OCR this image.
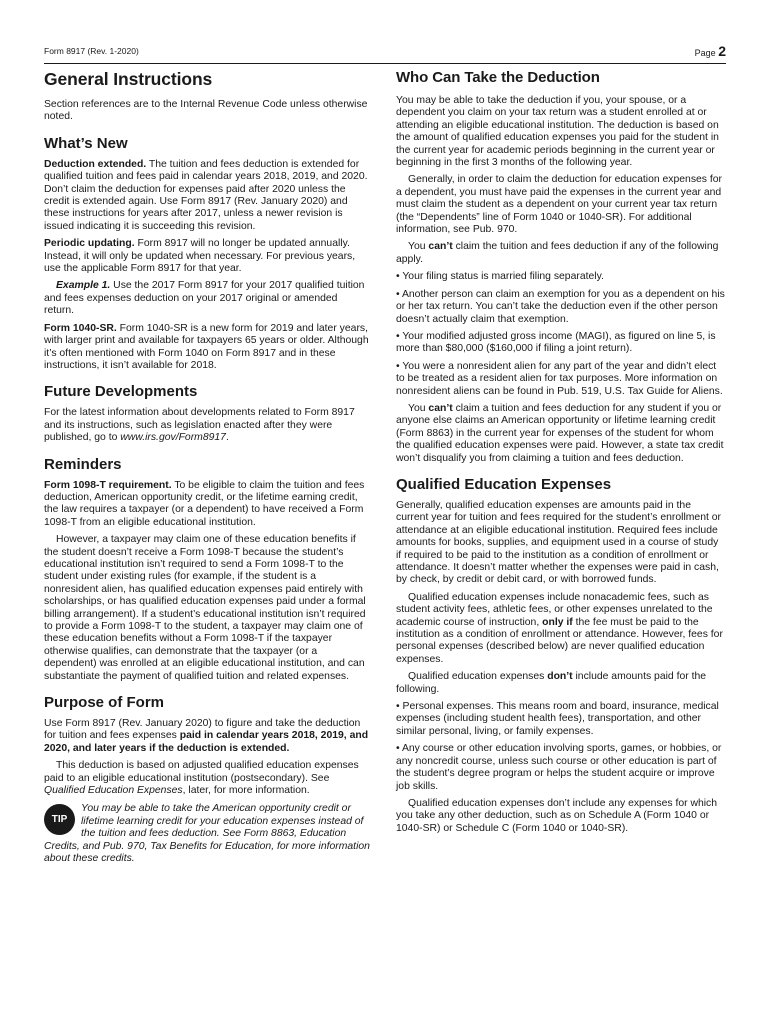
Form 8917 (Rev. 1-2020)	Page 2
General Instructions

Section references are to the Internal Revenue Code unless otherwise noted.

What’s New

Deduction extended. The tuition and fees deduction is extended for qualified tuition and fees paid in calendar years 2018, 2019, and 2020. Don’t claim the deduction for expenses paid after 2020 unless the credit is extended again. Use Form 8917 (Rev. January 2020) and these instructions for years after 2017, unless a newer revision is issued indicating it is succeeding this revision.

Periodic updating. Form 8917 will no longer be updated annually. Instead, it will only be updated when necessary. For previous years, use the applicable Form 8917 for that year.

Example 1. Use the 2017 Form 8917 for your 2017 qualified tuition and fees expenses deduction on your 2017 original or amended return.

Form 1040-SR. Form 1040-SR is a new form for 2019 and later years, with larger print and available for taxpayers 65 years or older. Although it’s often mentioned with Form 1040 on Form 8917 and in these instructions, it isn’t available for 2018.

Future Developments

For the latest information about developments related to Form 8917 and its instructions, such as legislation enacted after they were published, go to www.irs.gov/Form8917.

Reminders

Form 1098-T requirement. To be eligible to claim the tuition and fees deduction, American opportunity credit, or the lifetime earning credit, the law requires a taxpayer (or a dependent) to have received a Form 1098-T from an eligible educational institution.

However, a taxpayer may claim one of these education benefits if the student doesn’t receive a Form 1098-T because the student’s educational institution isn’t required to send a Form 1098-T to the student under existing rules (for example, if the student is a nonresident alien, has qualified education expenses paid entirely with scholarships, or has qualified education expenses paid under a formal billing arrangement). If a student’s educational institution isn’t required to provide a Form 1098-T to the student, a taxpayer may claim one of these education benefits without a Form 1098-T if the taxpayer otherwise qualifies, can demonstrate that the taxpayer (or a dependent) was enrolled at an eligible educational institution, and can substantiate the payment of qualified tuition and related expenses.

Purpose of Form

Use Form 8917 (Rev. January 2020) to figure and take the deduction for tuition and fees expenses paid in calendar years 2018, 2019, and 2020, and later years if the deduction is extended.

This deduction is based on adjusted qualified education expenses paid to an eligible educational institution (postsecondary). See Qualified Education Expenses, later, for more information.

TIP
You may be able to take the American opportunity credit or lifetime learning credit for your education expenses instead of the tuition and fees deduction. See Form 8863, Education Credits, and Pub. 970, Tax Benefits for Education, for more information about these credits.
Who Can Take the Deduction

You may be able to take the deduction if you, your spouse, or a dependent you claim on your tax return was a student enrolled at or attending an eligible educational institution. The deduction is based on the amount of qualified education expenses you paid for the student in the current year for academic periods beginning in the current year or beginning in the first 3 months of the following year.

Generally, in order to claim the deduction for education expenses for a dependent, you must have paid the expenses in the current year and must claim the student as a dependent on your current year tax return (the “Dependents” line of Form 1040 or 1040-SR). For additional information, see Pub. 970.

You can’t claim the tuition and fees deduction if any of the following apply.

• Your filing status is married filing separately.

• Another person can claim an exemption for you as a dependent on his or her tax return. You can’t take the deduction even if the other person doesn’t actually claim that exemption.

• Your modified adjusted gross income (MAGI), as figured on line 5, is more than $80,000 ($160,000 if filing a joint return).

• You were a nonresident alien for any part of the year and didn’t elect to be treated as a resident alien for tax purposes. More information on nonresident aliens can be found in Pub. 519, U.S. Tax Guide for Aliens.

You can’t claim a tuition and fees deduction for any student if you or anyone else claims an American opportunity or lifetime learning credit (Form 8863) in the current year for expenses of the student for whom the qualified education expenses were paid. However, a state tax credit won’t disqualify you from claiming a tuition and fees deduction.

Qualified Education Expenses

Generally, qualified education expenses are amounts paid in the current year for tuition and fees required for the student’s enrollment or attendance at an eligible educational institution. Required fees include amounts for books, supplies, and equipment used in a course of study if required to be paid to the institution as a condition of enrollment or attendance. It doesn’t matter whether the expenses were paid in cash, by check, by credit or debit card, or with borrowed funds.

Qualified education expenses include nonacademic fees, such as student activity fees, athletic fees, or other expenses unrelated to the academic course of instruction, only if the fee must be paid to the institution as a condition of enrollment or attendance. However, fees for personal expenses (described below) are never qualified education expenses.

Qualified education expenses don’t include amounts paid for the following.

• Personal expenses. This means room and board, insurance, medical expenses (including student health fees), transportation, and other similar personal, living, or family expenses.

• Any course or other education involving sports, games, or hobbies, or any noncredit course, unless such course or other education is part of the student’s degree program or helps the student acquire or improve job skills.

Qualified education expenses don’t include any expenses for which you take any other deduction, such as on Schedule A (Form 1040 or 1040-SR) or Schedule C (Form 1040 or 1040-SR).
